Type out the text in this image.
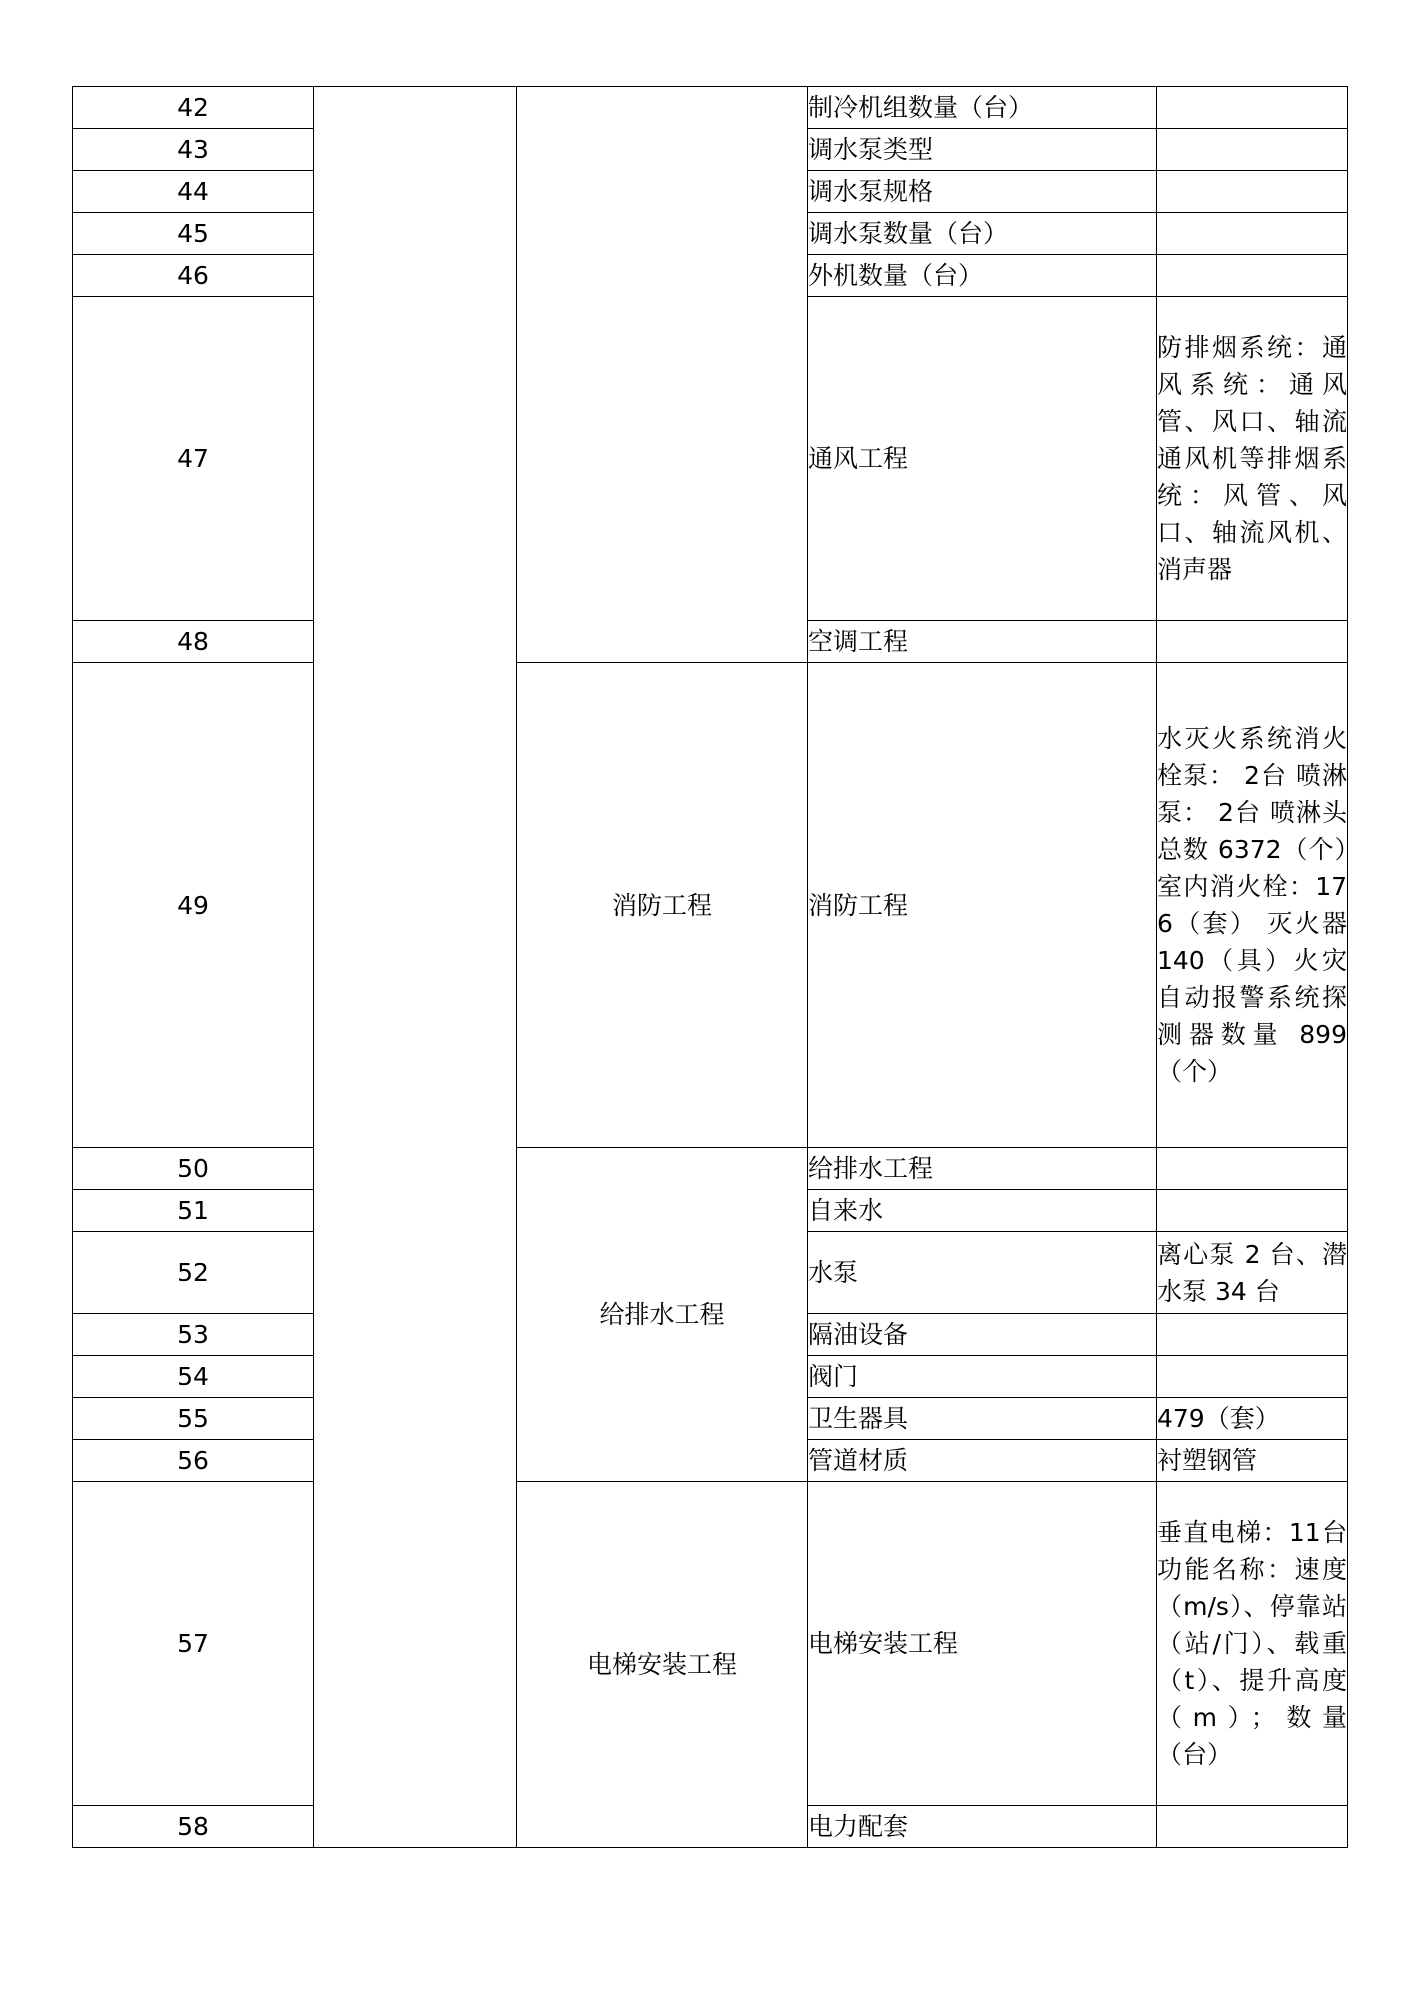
42			制冷机组数量（台）	
43			调水泵类型	
44			调水泵规格	
45			调水泵数量（台）	
46			外机数量（台）	
47			通风工程	防排烟系统：通风系统：通风管、风口、轴流通风机等排烟系统：风管、风口、轴流风机、消声器
48			空调工程	
49		消防工程	消防工程	水灭火系统消火栓泵： 2台 喷淋泵： 2台 喷淋头总数 6372（个）室内消火栓：176（套） 灭火器 140（具）火灾自动报警系统探测器数量 899（个）
50		给排水工程	给排水工程	
51			自来水	
52			水泵	离心泵 2 台、潜水泵 34 台
53			隔油设备	
54			阀门	
55			卫生器具	479（套）
56			管道材质	衬塑钢管
57		电梯安装工程	电梯安装工程	垂直电梯：11台 功能名称：速度（m/s）、停靠站（站/门）、载重（t）、提升高度（m）；数量（台）
58			电力配套	
